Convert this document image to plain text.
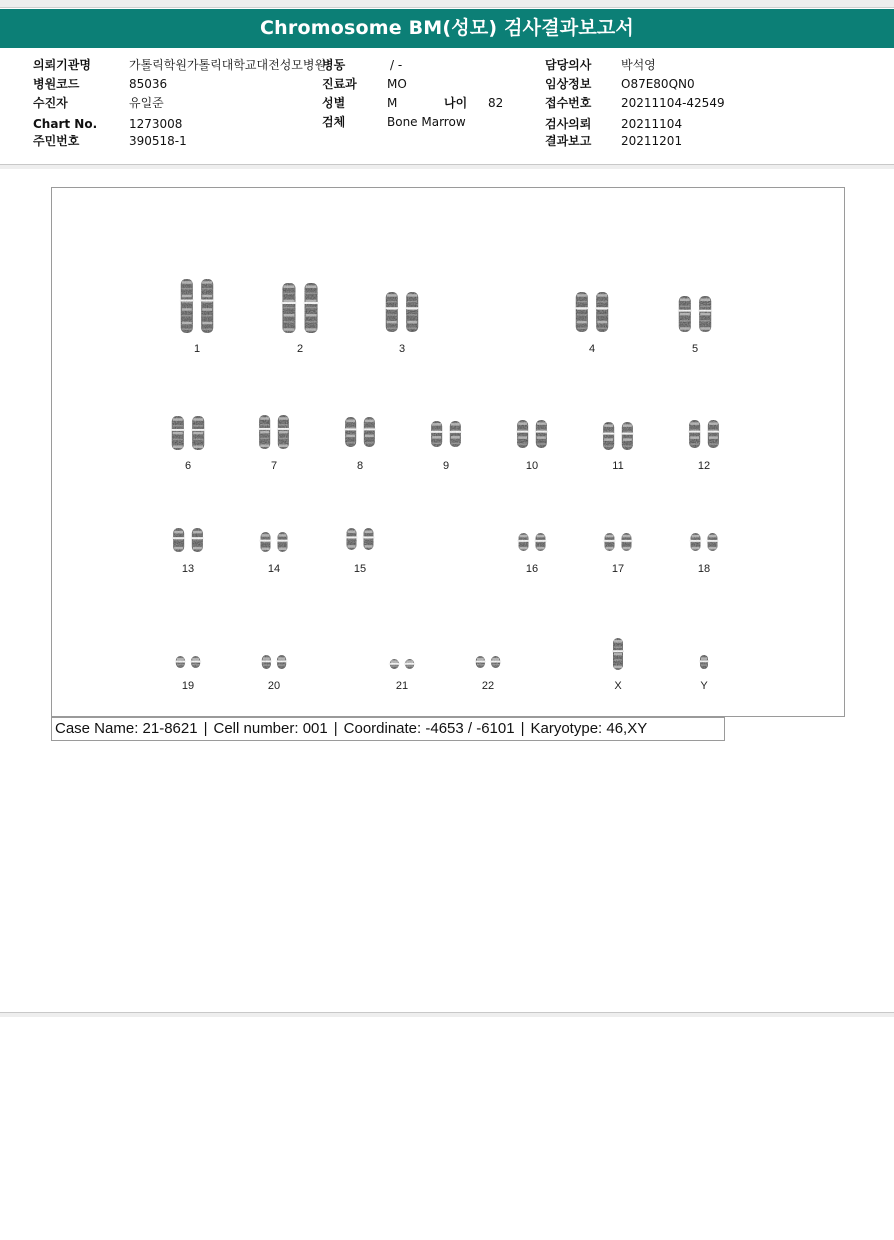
Chromosome BM(성모) 검사결과보고서
의뢰기관명	가톨릭학원가톨릭대학교대전성모병원
병원코드	85036
수진자	유일준
Chart No.	1273008
주민번호	390518-1
병동	/ -
진료과	MO
성별	M	나이 82
검체	Bone Marrow
담당의사 박석영
임상정보 O87E80QN0
접수번호 20211104-42549
검사의뢰 20211104
결과보고 20211201
1	2	3	4	5
6	7	8	9	10	11	12
13	14	15	16	17	18
19	20	21	22	X	Y
Case Name: 21-8621 | Cell number: 001 | Coordinate: -4653 / -6101 | Karyotype: 46,XY
